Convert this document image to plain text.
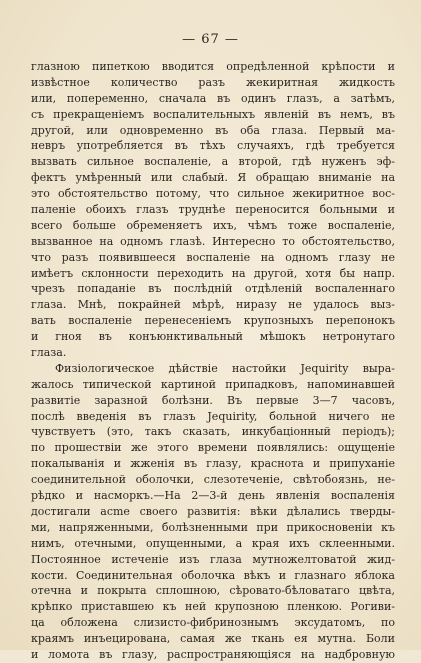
— 67 —
глазною пипеткою вводится опредѣленной крѣпости и
извѣстное количество разъ жекиритная жидкость
или, попеременно, сначала въ одинъ глазъ, а затѣмъ,
съ прекращеніемъ воспалительныхъ явленій въ немъ, въ
другой, или одновременно въ оба глаза. Первый ма-
невръ употребляется въ тѣхъ случаяхъ, гдѣ требуется
вызвать сильное воспаленіе, а второй, гдѣ нуженъ эф-
фектъ умѣренный или слабый. Я обращаю вниманіе на
это обстоятельство потому, что сильное жекиритное вос-
паленіе обоихъ глазъ труднѣе переносится больными и
всего больше обременяетъ ихъ, чѣмъ тоже воспаленіе,
вызванное на одномъ глазѣ. Интересно то обстоятельство,
что разъ появившееся воспаленіе на одномъ глазу не
имѣетъ склонности переходить на другой, хотя бы напр.
чрезъ попаданіе въ послѣдній отдѣленій воспаленнаго
глаза. Мнѣ, покрайней мѣрѣ, ниразу не удалось выз-
вать воспаленіе перенесеніемъ крупозныхъ перепонокъ
и гноя въ конъюнктивальный мѣшокъ нетронутаго
глаза.
Физіологическое дѣйствіе настойки Jequirity выра-
жалось типической картиной припадковъ, напоминавшей
развитіе заразной болѣзни. Въ первые 3—7 часовъ,
послѣ введенія въ глазъ Jequirity, больной ничего не
чувствуетъ (это, такъ сказать, инкубаціонный періодъ);
по прошествіи же этого времени появлялись: ощущеніе
покалыванія и жженія въ глазу, краснота и припуханіе
соединительной оболочки, слезотеченіе, свѣтобоязнь, не-
рѣдко и насморкъ.—На 2—3-й день явленія воспаленія
достигали acme своего развитія: вѣки дѣлались тверды-
ми, напряженными, болѣзненными при прикосновеніи къ
нимъ, отечными, опущенными, а края ихъ склеенными.
Постоянное истеченіе изъ глаза мутножелтоватой жид-
кости. Соединительная оболочка вѣкъ и глазнаго яблока
отечна и покрыта сплошною, сѣровато-бѣловатаго цвѣта,
крѣпко приставшею къ ней крупозною пленкою. Рогиви-
ца обложена слизисто-фибринознымъ эксудатомъ, по
краямъ инъецирована, самая же ткань ея мутна. Боли
и ломота въ глазу, распространяющіяся на надбровную
